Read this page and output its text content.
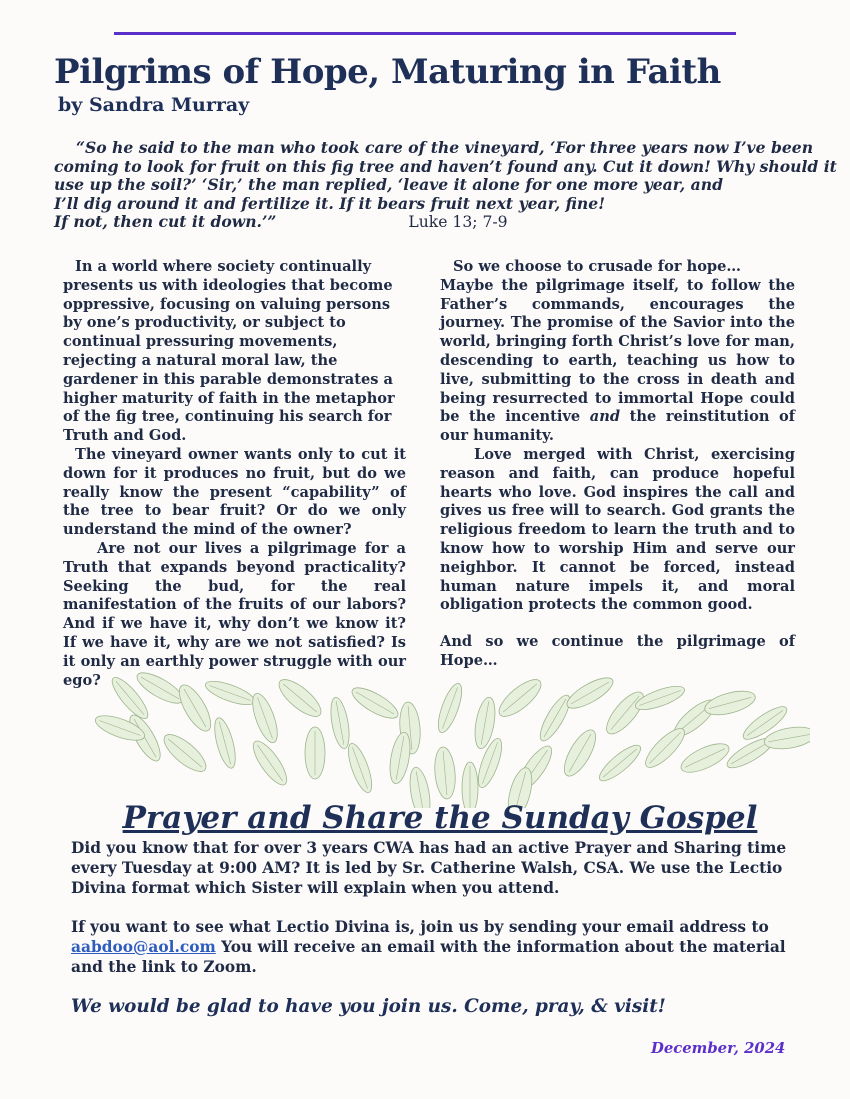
Pilgrims of Hope, Maturing in Faith
by Sandra Murray
“So he said to the man who took care of the vineyard, ‘For three years now I’ve been
coming to look for fruit on this fig tree and haven’t found any. Cut it down! Why should it
use up the soil?’ ‘Sir,’ the man replied, ‘leave it alone for one more year, and
I’ll dig around it and fertilize it. If it bears fruit next year, fine!
If not, then cut it down.’”	Luke 13; 7-9

In a world where society continually

presents us with ideologies that become
oppressive, focusing on valuing persons
by one’s productivity, or subject to
continual pressuring movements,
rejecting a natural moral law, the
gardener in this parable demonstrates a
higher maturity of faith in the metaphor
of the fig tree, continuing his search for
Truth and God.

The vineyard owner wants only to cut it down for it produces no fruit, but do we really know the present “capability” of the tree to bear fruit? Or do we only understand the mind of the owner?

Are not our lives a pilgrimage for a Truth that expands beyond practicality? Seeking the bud, for the real manifestation of the fruits of our labors? And if we have it, why don’t we know it? If we have it, why are we not satisfied? Is it only an earthly power struggle with our ego?

So we choose to crusade for hope…

Maybe the pilgrimage itself, to follow the Father’s commands, encourages the journey. The promise of the Savior into the world, bringing forth Christ’s love for man, descending to earth, teaching us how to live, submitting to the cross in death and being resurrected to immortal Hope could be the incentive and the reinstitution of our humanity.

Love merged with Christ, exercising reason and faith, can produce hopeful hearts who love. God inspires the call and gives us free will to search. God grants the religious freedom to learn the truth and to know how to worship Him and serve our neighbor. It cannot be forced, instead human nature impels it, and moral obligation protects the common good.

And so we continue the pilgrimage of Hope…

Prayer and Share the Sunday Gospel

Did you know that for over 3 years CWA has had an active Prayer and Sharing time every Tuesday at 9:00 AM? It is led by Sr. Catherine Walsh, CSA. We use the Lectio Divina format which Sister will explain when you attend.

If you want to see what Lectio Divina is, join us by sending your email address to
aabdoo@aol.com You will receive an email with the information about the material and the link to Zoom.

We would be glad to have you join us. Come, pray, & visit!

December, 2024
